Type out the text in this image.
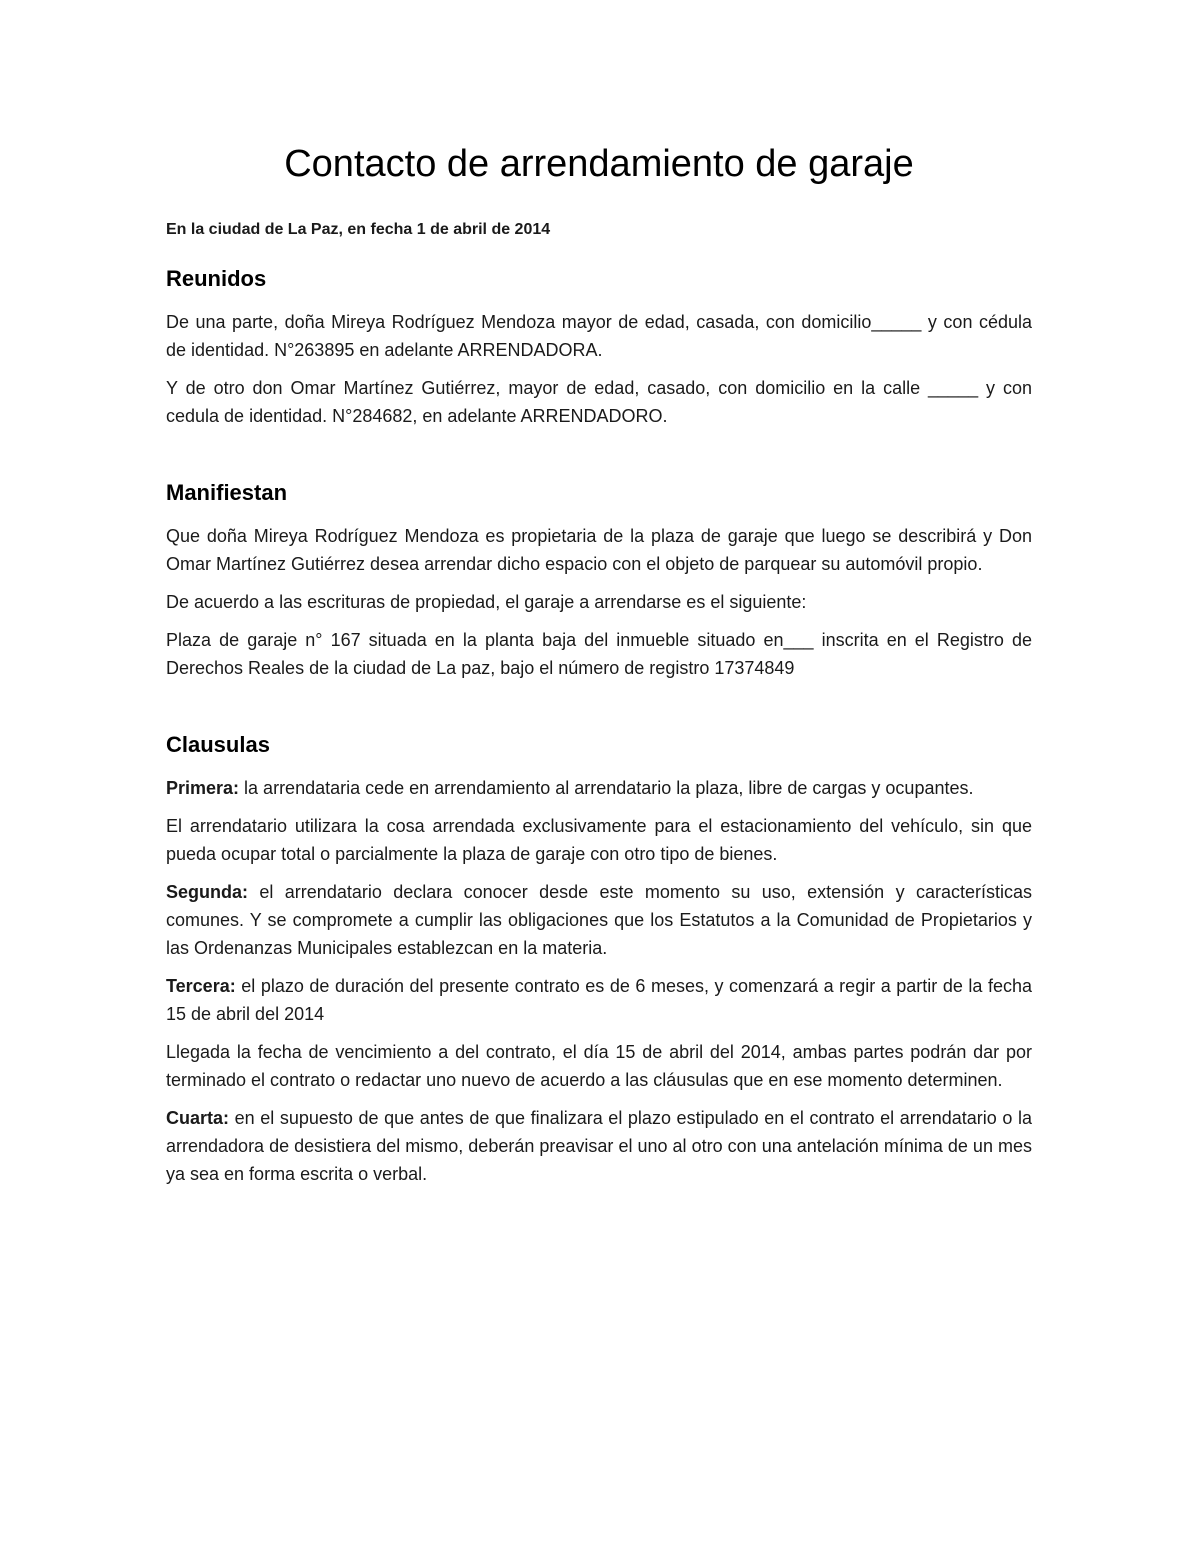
Contacto de arrendamiento de garaje
En la ciudad de La Paz, en fecha 1 de abril de 2014
Reunidos

De una parte, doña Mireya Rodríguez Mendoza mayor de edad, casada, con domicilio_____ y con cédula de identidad. N°263895 en adelante ARRENDADORA.

Y de otro don Omar Martínez Gutiérrez, mayor de edad, casado, con domicilio en la calle _____ y con cedula de identidad. N°284682, en adelante ARRENDADORO.

Manifiestan

Que doña Mireya Rodríguez Mendoza es propietaria de la plaza de garaje que luego se describirá y Don Omar Martínez Gutiérrez desea arrendar dicho espacio con el objeto de parquear su automóvil propio.

De acuerdo a las escrituras de propiedad, el garaje a arrendarse es el siguiente:

Plaza de garaje n° 167 situada en la planta baja del inmueble situado en___ inscrita en el Registro de Derechos Reales de la ciudad de La paz, bajo el número de registro 17374849

Clausulas

Primera: la arrendataria cede en arrendamiento al arrendatario la plaza, libre de cargas y ocupantes.

El arrendatario utilizara la cosa arrendada exclusivamente para el estacionamiento del vehículo, sin que pueda ocupar total o parcialmente la plaza de garaje con otro tipo de bienes.

Segunda: el arrendatario declara conocer desde este momento su uso, extensión y características comunes. Y se compromete a cumplir las obligaciones que los Estatutos a la Comunidad de Propietarios y las Ordenanzas Municipales establezcan en la materia.

Tercera: el plazo de duración del presente contrato es de 6 meses, y comenzará a regir a partir de la fecha 15 de abril del 2014

Llegada la fecha de vencimiento a del contrato, el día 15 de abril del 2014, ambas partes podrán dar por terminado el contrato o redactar uno nuevo de acuerdo a las cláusulas que en ese momento determinen.

Cuarta: en el supuesto de que antes de que finalizara el plazo estipulado en el contrato el arrendatario o la arrendadora de desistiera del mismo, deberán preavisar el uno al otro con una antelación mínima de un mes ya sea en forma escrita o verbal.
